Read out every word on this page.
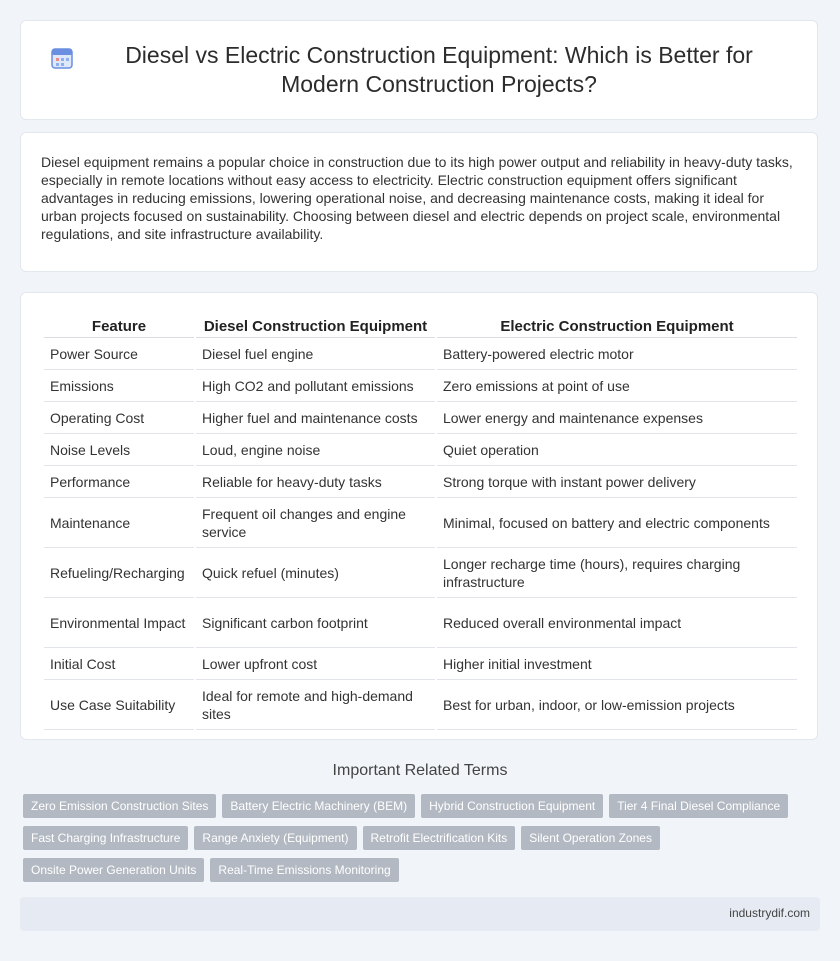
Diesel vs Electric Construction Equipment: Which is Better for Modern Construction Projects?

Diesel equipment remains a popular choice in construction due to its high power output and reliability in heavy-duty tasks, especially in remote locations without easy access to electricity. Electric construction equipment offers significant advantages in reducing emissions, lowering operational noise, and decreasing maintenance costs, making it ideal for urban projects focused on sustainability. Choosing between diesel and electric depends on project scale, environmental regulations, and site infrastructure availability.

Feature	Diesel Construction Equipment	Electric Construction Equipment
Power Source	Diesel fuel engine	Battery-powered electric motor
Emissions	High CO2 and pollutant emissions	Zero emissions at point of use
Operating Cost	Higher fuel and maintenance costs	Lower energy and maintenance expenses
Noise Levels	Loud, engine noise	Quiet operation
Performance	Reliable for heavy-duty tasks	Strong torque with instant power delivery
Maintenance	Frequent oil changes and engine service	Minimal, focused on battery and electric components
Refueling/Recharging	Quick refuel (minutes)	Longer recharge time (hours), requires charging infrastructure
Environmental Impact	Significant carbon footprint	Reduced overall environmental impact
Initial Cost	Lower upfront cost	Higher initial investment
Use Case Suitability	Ideal for remote and high-demand sites	Best for urban, indoor, or low-emission projects
Important Related Terms
Zero Emission Construction Sites	Battery Electric Machinery (BEM)	Hybrid Construction Equipment	Tier 4 Final Diesel Compliance
Fast Charging Infrastructure	Range Anxiety (Equipment)	Retrofit Electrification Kits	Silent Operation Zones
Onsite Power Generation Units	Real-Time Emissions Monitoring
industrydif.com
